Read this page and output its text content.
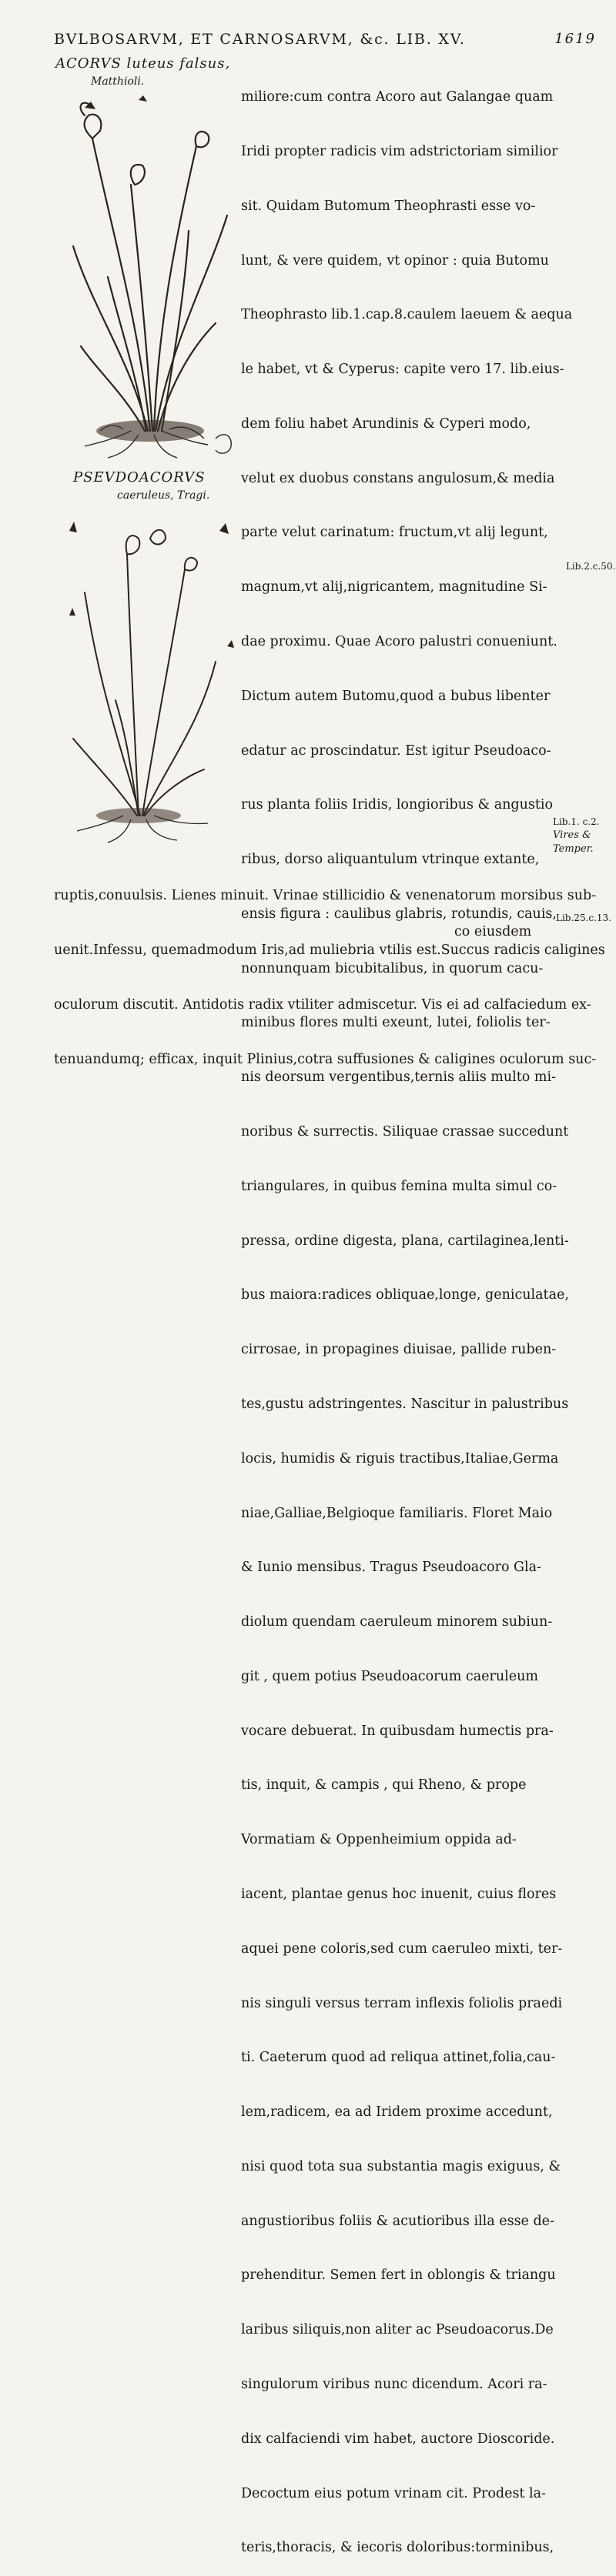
BVLBOSARVM, ET CARNOSARVM, &c. LIB. XV.	1619
ACORVS luteus falsus,
Matthioli.
PSEVDOACORVS
caeruleus, Tragi.

miliore:cum contra Acoro aut Galangae quam

Iridi propter radicis vim adstrictoriam similior

sit. Quidam Butomum Theophrasti esse vo-

lunt, & vere quidem, vt opinor : quia Butomu

Theophrasto lib.1.cap.8.caulem laeuem & aequa

le habet, vt & Cyperus: capite vero 17. lib.eius-

dem foliu habet Arundinis & Cyperi modo,

velut ex duobus constans angulosum,& media

parte velut carinatum: fructum,vt alij legunt,

magnum,vt alij,nigricantem, magnitudine Si-

dae proximu. Quae Acoro palustri conueniunt.

Dictum autem Butomu,quod a bubus libenter

edatur ac proscindatur. Est igitur Pseudoaco-

rus planta foliis Iridis, longioribus & angustio

ribus, dorso aliquantulum vtrinque extante,

ensis figura : caulibus glabris, rotundis, cauis,

nonnunquam bicubitalibus, in quorum cacu-

minibus flores multi exeunt, lutei, foliolis ter-

nis deorsum vergentibus,ternis aliis multo mi-

noribus & surrectis. Siliquae crassae succedunt

triangulares, in quibus femina multa simul co-

pressa, ordine digesta, plana, cartilaginea,lenti-

bus maiora:radices obliquae,longe, geniculatae,

cirrosae, in propagines diuisae, pallide ruben-

tes,gustu adstringentes. Nascitur in palustribus

locis, humidis & riguis tractibus,Italiae,Germa

niae,Galliae,Belgioque familiaris. Floret Maio

& Iunio mensibus. Tragus Pseudoacoro Gla-

diolum quendam caeruleum minorem subiun-

git , quem potius Pseudoacorum caeruleum

vocare debuerat. In quibusdam humectis pra-

tis, inquit, & campis , qui Rheno, & prope

Vormatiam & Oppenheimium oppida ad-

iacent, plantae genus hoc inuenit, cuius flores

aquei pene coloris,sed cum caeruleo mixti, ter-

nis singuli versus terram inflexis foliolis praedi

ti. Caeterum quod ad reliqua attinet,folia,cau-

lem,radicem, ea ad Iridem proxime accedunt,

nisi quod tota sua substantia magis exiguus, &

angustioribus foliis & acutioribus illa esse de-

prehenditur. Semen fert in oblongis & triangu

laribus siliquis,non aliter ac Pseudoacorus.De

singulorum viribus nunc dicendum. Acori ra-

dix calfaciendi vim habet, auctore Dioscoride.

Decoctum eius potum vrinam cit. Prodest la-

teris,thoracis, & iecoris doloribus:torminibus,

ruptis,conuulsis. Lienes minuit. Vrinae stillicidio & venenatorum morsibus sub-

uenit.Infessu, quemadmodum Iris,ad muliebria vtilis est.Succus radicis caligines

oculorum discutit. Antidotis radix vtiliter admiscetur. Vis ei ad calfaciedum ex-

tenuandumq; efficax, inquit Plinius,cotra suffusiones & caligines oculorum suc-

co eiusdem
Lib.2.c.50.
Lib.1. c.2.
Vires &
Temper.
Lib.25.c.13.
